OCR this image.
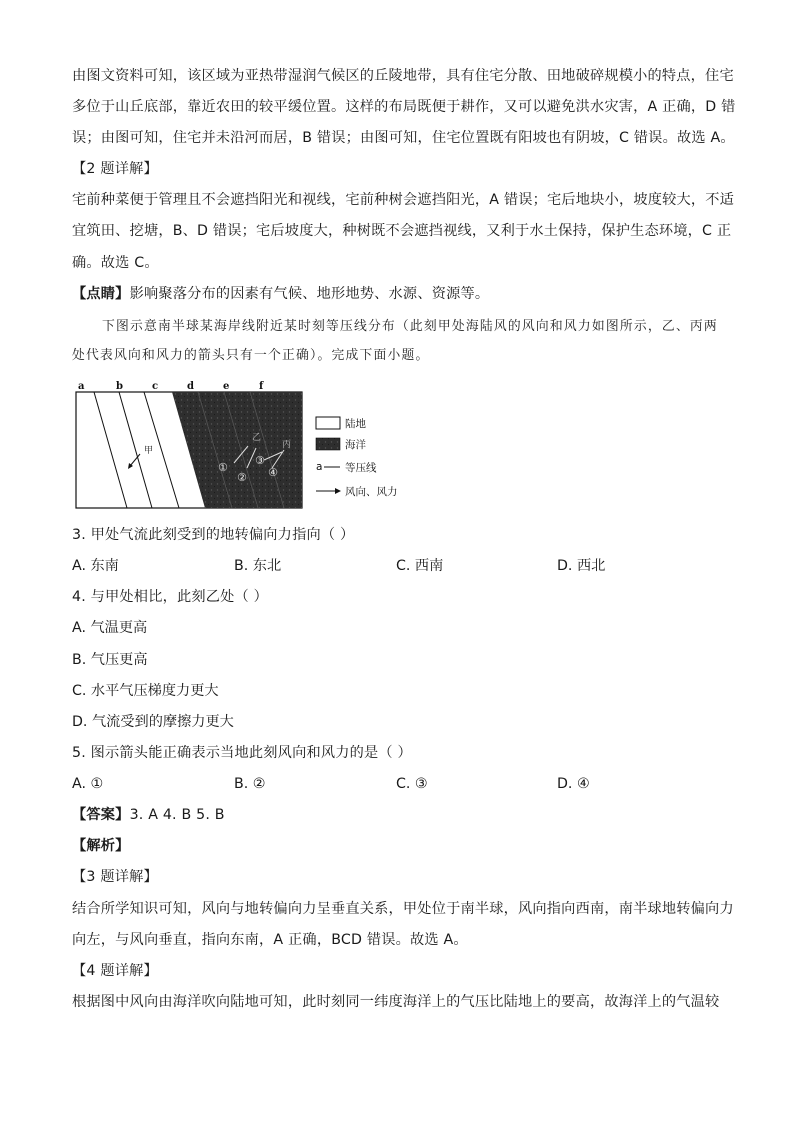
由图文资料可知，该区域为亚热带湿润气候区的丘陵地带，具有住宅分散、田地破碎规模小的特点，住宅
多位于山丘底部，靠近农田的较平缓位置。这样的布局既便于耕作，又可以避免洪水灾害，A 正确，D 错
误；由图可知，住宅并未沿河而居，B 错误；由图可知，住宅位置既有阳坡也有阴坡，C 错误。故选 A。
【2 题详解】
宅前种菜便于管理且不会遮挡阳光和视线，宅前种树会遮挡阳光，A 错误；宅后地块小，坡度较大，不适
宜筑田、挖塘，B、D 错误；宅后坡度大，种树既不会遮挡视线，又利于水土保持，保护生态环境，C 正
确。故选 C。
【点睛】影响聚落分布的因素有气候、地形地势、水源、资源等。
下图示意南半球某海岸线附近某时刻等压线分布（此刻甲处海陆风的风向和风力如图所示，乙、丙两
处代表风向和风力的箭头只有一个正确）。完成下面小题。
a	b	c	d	e	f
甲
乙
丙
①
②
③
④
陆地
海洋
a 等压线
风向、风力
3. 甲处气流此刻受到的地转偏向力指向（ ）
A. 东南	B. 东北	C. 西南	D. 西北
4. 与甲处相比，此刻乙处（ ）
A. 气温更高
B. 气压更高
C. 水平气压梯度力更大
D. 气流受到的摩擦力更大
5. 图示箭头能正确表示当地此刻风向和风力的是（ ）
A. ①	B. ②	C. ③	D. ④
【答案】3. A 4. B 5. B
【解析】
【3 题详解】
结合所学知识可知，风向与地转偏向力呈垂直关系，甲处位于南半球，风向指向西南，南半球地转偏向力
向左，与风向垂直，指向东南，A 正确，BCD 错误。故选 A。
【4 题详解】
根据图中风向由海洋吹向陆地可知，此时刻同一纬度海洋上的气压比陆地上的要高，故海洋上的气温较
